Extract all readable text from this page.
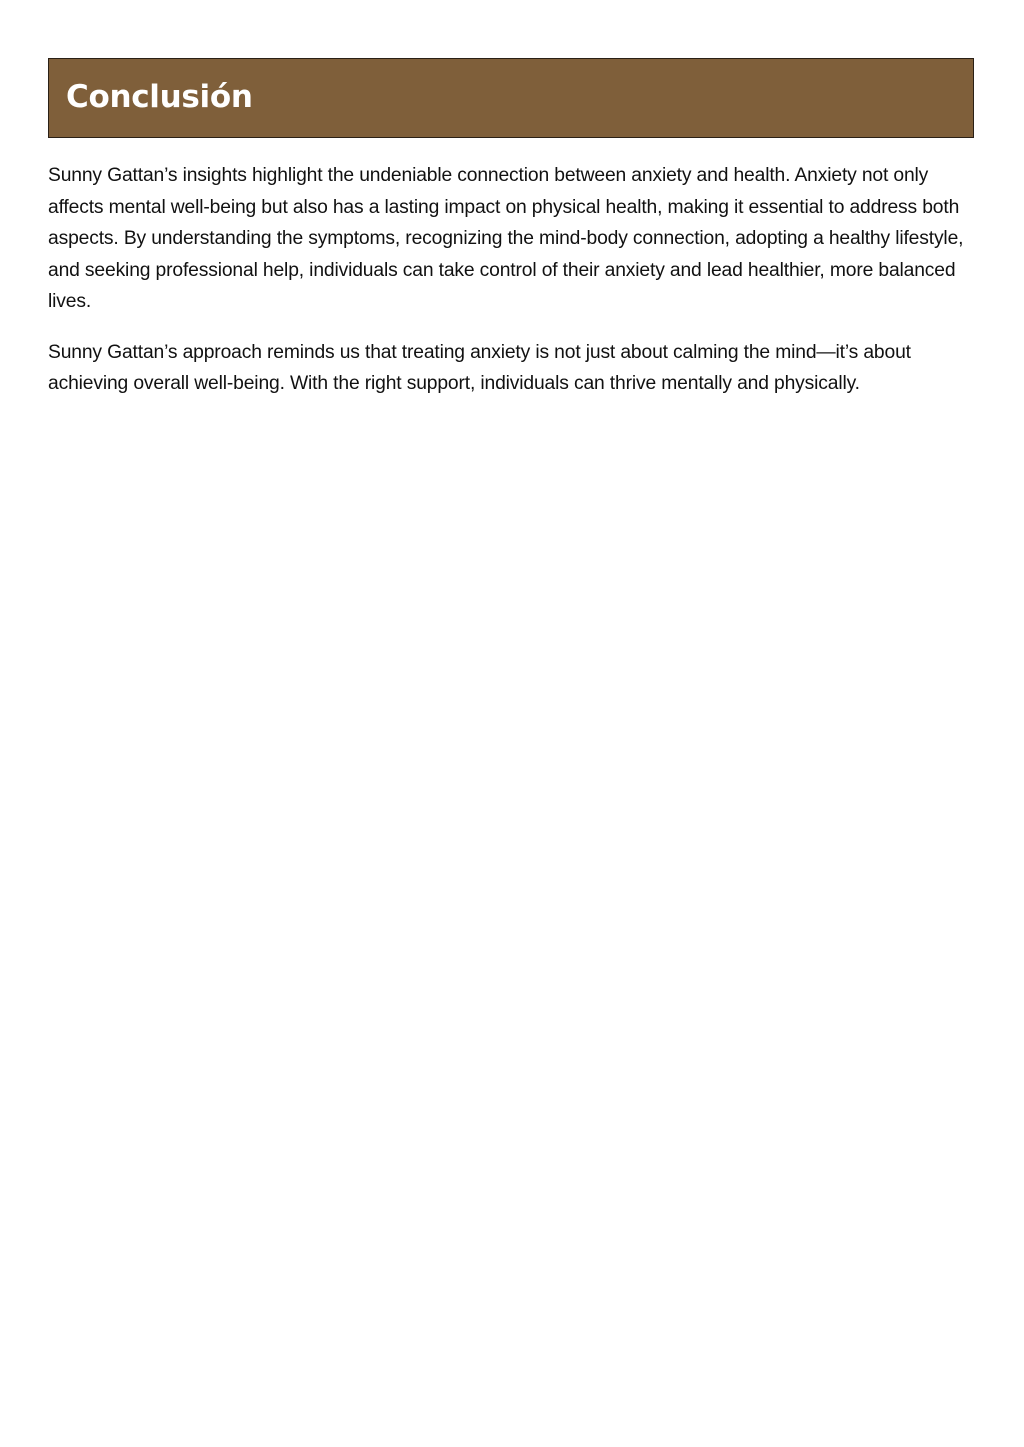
Conclusión

Sunny Gattan’s insights highlight the undeniable connection between anxiety and health. Anxiety not only affects mental well-being but also has a lasting impact on physical health, making it essential to address both aspects. By understanding the symptoms, recognizing the mind-body connection, adopting a healthy lifestyle, and seeking professional help, individuals can take control of their anxiety and lead healthier, more balanced lives.

Sunny Gattan’s approach reminds us that treating anxiety is not just about calming the mind—it’s about achieving overall well-being. With the right support, individuals can thrive mentally and physically.
